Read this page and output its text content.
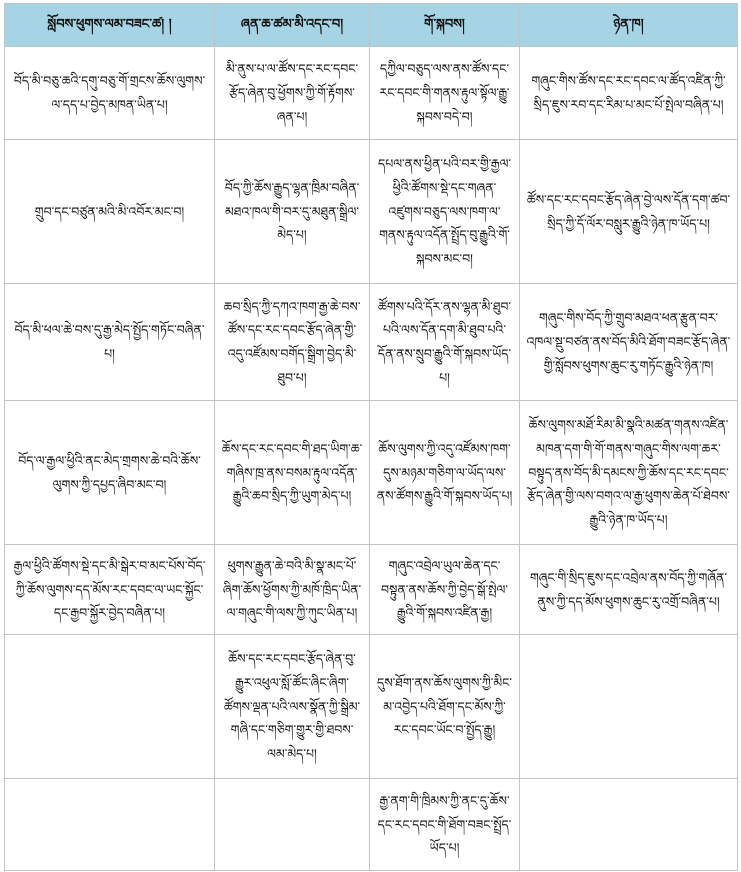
སློབས་ཕུགས་ལམ་བཟང་ཚ། །	ཞན་ཆ་ཚམ་མི་འདང་བ།	གོ་སྐབས།	ཉེན་ཁ།
བོད་མི་བཅུ་ཆའི་དགུ་བཅུ་གོ་གྲངས་ཆོས་ལུགས་ལ་དད་པ་བྱེད་མཁན་ཡིན་པ།	མི་ནུས་པ་ལ་ཚོས་དང་རང་དབང་རྩོད་ཞེན་བུ་ཕྱོགས་ཀྱི་གོ་རྟོགས་ཞན་པ།	དཀྱིལ་བཅུད་ལས་ནས་ཚོས་དང་རང་དབང་གི་གནས་རྟུལ་སྟོལ་རྒྱུ་སྐབས་བདེ་བ།	གཞུང་གིས་ཚོས་དང་རང་དབང་ལ་ཚོད་འཛིན་ཀྱི་སྲིད་ཇུས་རབ་དང་རིམ་པ་མང་པོ་སྤེལ་བཞིན་པ།
གྲུབ་དང་བཙུན་མའི་མི་འབོར་མང་བ།	བོད་ཀྱི་ཆོས་རྒྱུད་ལྷན་ཁྲིམ་བཞིན་མཐའ་ཁལ་གི་བར་དུ་མཐུན་སྒྲིལ་མེད་པ།	དཔལ་ནས་ཕྱིན་པའི་བར་གྱི་རྒྱལ་ཕྱིའི་ཚོགས་སྡེ་དང་གཞན་འཛུགས་བཅུད་ལས་ཁག་ལ་གནས་རྟུལ་འདོན་སྤྲོད་བུ་རྒྱུའི་གོ་སྐབས་མང་བ།	ཚོས་དང་རང་དབང་རྩོད་ཞེན་བྱེ་ལས་དོན་དག་ཚབ་སྲིད་ཀྱི་དོ་ལོར་བསླུར་རྒྱུའི་ཉེན་ཁ་ཡོད་པ།
བོད་མི་ཕལ་ཆེ་བས་དུ་རྒྱ་མེད་སྤྱོད་གཏོང་བཞིན་པ།	ཆབ་སྲིད་ཀྱི་དཀའ་ཁག་རྒྱ་ཆེ་བས་ཚོས་དང་རང་དབང་རྩོད་ཞེན་གྱི་འདུ་འཛོམས་བགོད་སྒྲིག་བྱེད་མི་ཐུབ་པ།	ཚོགས་པའི་དོར་ནས་ལྷན་མི་ཐུབ་པའི་ལས་དོན་དག་མི་ཐུབ་པའི་དོན་ནས་སྲུབ་རྒྱུའི་གོ་སྐབས་ཡོད་པ།	གཞུང་གིས་བོད་ཀྱི་གྲུབ་མཐའ་ཕན་རྩུན་བར་འཁལ་སྡུ་བཙན་ནས་བོད་མིའི་ཐོག་བཟང་རྩོད་ཞེན་གྱི་སློབས་ཕུགས་ཆུང་རུ་གཏོང་རྒྱུའི་ཉེན་ཁ།
བོད་ལ་རྒྱལ་ཕྱིའི་ནང་མེད་གྲགས་ཆེ་བའི་ཆོས་ལུགས་ཀྱི་དཔྱད་ཞིབ་མང་བ།	ཆོས་དང་རང་དབང་གི་ཐད་ཡིག་ཆ་གཞིས་ཁྲ་ནས་བསམ་རྟུལ་འདོན་རྒྱུའི་ཆབ་སྲིད་ཀྱི་ཡུག་མེད་པ།	ཆོས་ལུགས་ཀྱི་འདུ་འཛོམས་ཁག་དུས་མཉམ་གཅིག་ལ་ཡོད་ལས་ནས་ཚོགས་རྒྱུའི་གོ་སྐབས་ཡོད་པ།	ཆོས་ལུགས་མཐོ་རིམ་མི་སྣའི་མཚན་གནས་འཛིན་མཁན་དག་གི་གོ་གནས་གཞུང་གིས་ལག་ཆར་བསྟུད་ནས་བོད་མི་དམངས་ཀྱི་ཆོས་དང་རང་དབང་རྩོད་ཞེན་གྱི་ལས་བགའ་ལ་རྒྱ་ཕུགས་ཆེན་པོ་ཐེབས་རྒྱུའི་ཉེན་ཁ་ཡོད་པ།
རྒྱལ་ཕྱིའི་ཚོགས་སྡེ་དང་མི་སྒེར་བ་མང་པོས་བོད་ཀྱི་ཆོས་ལུགས་དད་མོས་རང་དབང་ལ་ཡང་སྐྱོང་དང་རྒྱབ་སྐྱོར་བྱེད་བཞིན་པ།	ཕུགས་རྒྱུན་ཆེ་བའི་མི་སྣ་མང་པོ་ཞིག་ཆོས་ཕྱོགས་ཀྱི་མཁོ་ཁྲིད་ཡིན་ལ་གཞུང་གི་ལས་ཀྱི་ཀུང་ཡིན་པ།	གཞུང་འབྲེལ་ཡུལ་ཆེན་དང་བསྟུན་ནས་ཆོས་ཀྱི་བྱེད་སྒོ་སྤེལ་རྒྱུའི་གོ་སྐབས་འཛིན་རྒྱ།	གཞུང་གི་སྲིད་ཇུས་དང་འབྲེལ་ནས་བོད་ཀྱི་གཞོན་ནུས་ཀྱི་དད་མོས་ཕུགས་ཆུང་རུ་འགྲོ་བཞིན་པ།
	ཆོས་དང་རང་དབང་རྩོད་ཞེན་བུ་རྒྱུར་འཕུལ་སློ་ཚོང་ཞིང་ཞིག་ཚོགས་ལྡན་པའི་ལས་སྣོན་ཀྱི་སྒྲིམ་གཞི་དང་གཅིག་གྱུར་གྱི་ཐབས་ལམ་མེད་པ།	དུས་ཐོག་ནས་ཆོས་ལུགས་ཀྱི་མིང་མ་འབྱེད་པའི་ཐོག་དང་མོས་ཀྱི་རང་དབང་ཡོང་བ་སྤྱོད་རྒྱུ།	
		རྒྱ་ནག་གི་ཁྲིམས་ཀྱི་ནང་དུ་ཆོས་དང་རང་དབང་གི་ཐོག་བཟང་སྤྲོད་ཡོད་པ།	
